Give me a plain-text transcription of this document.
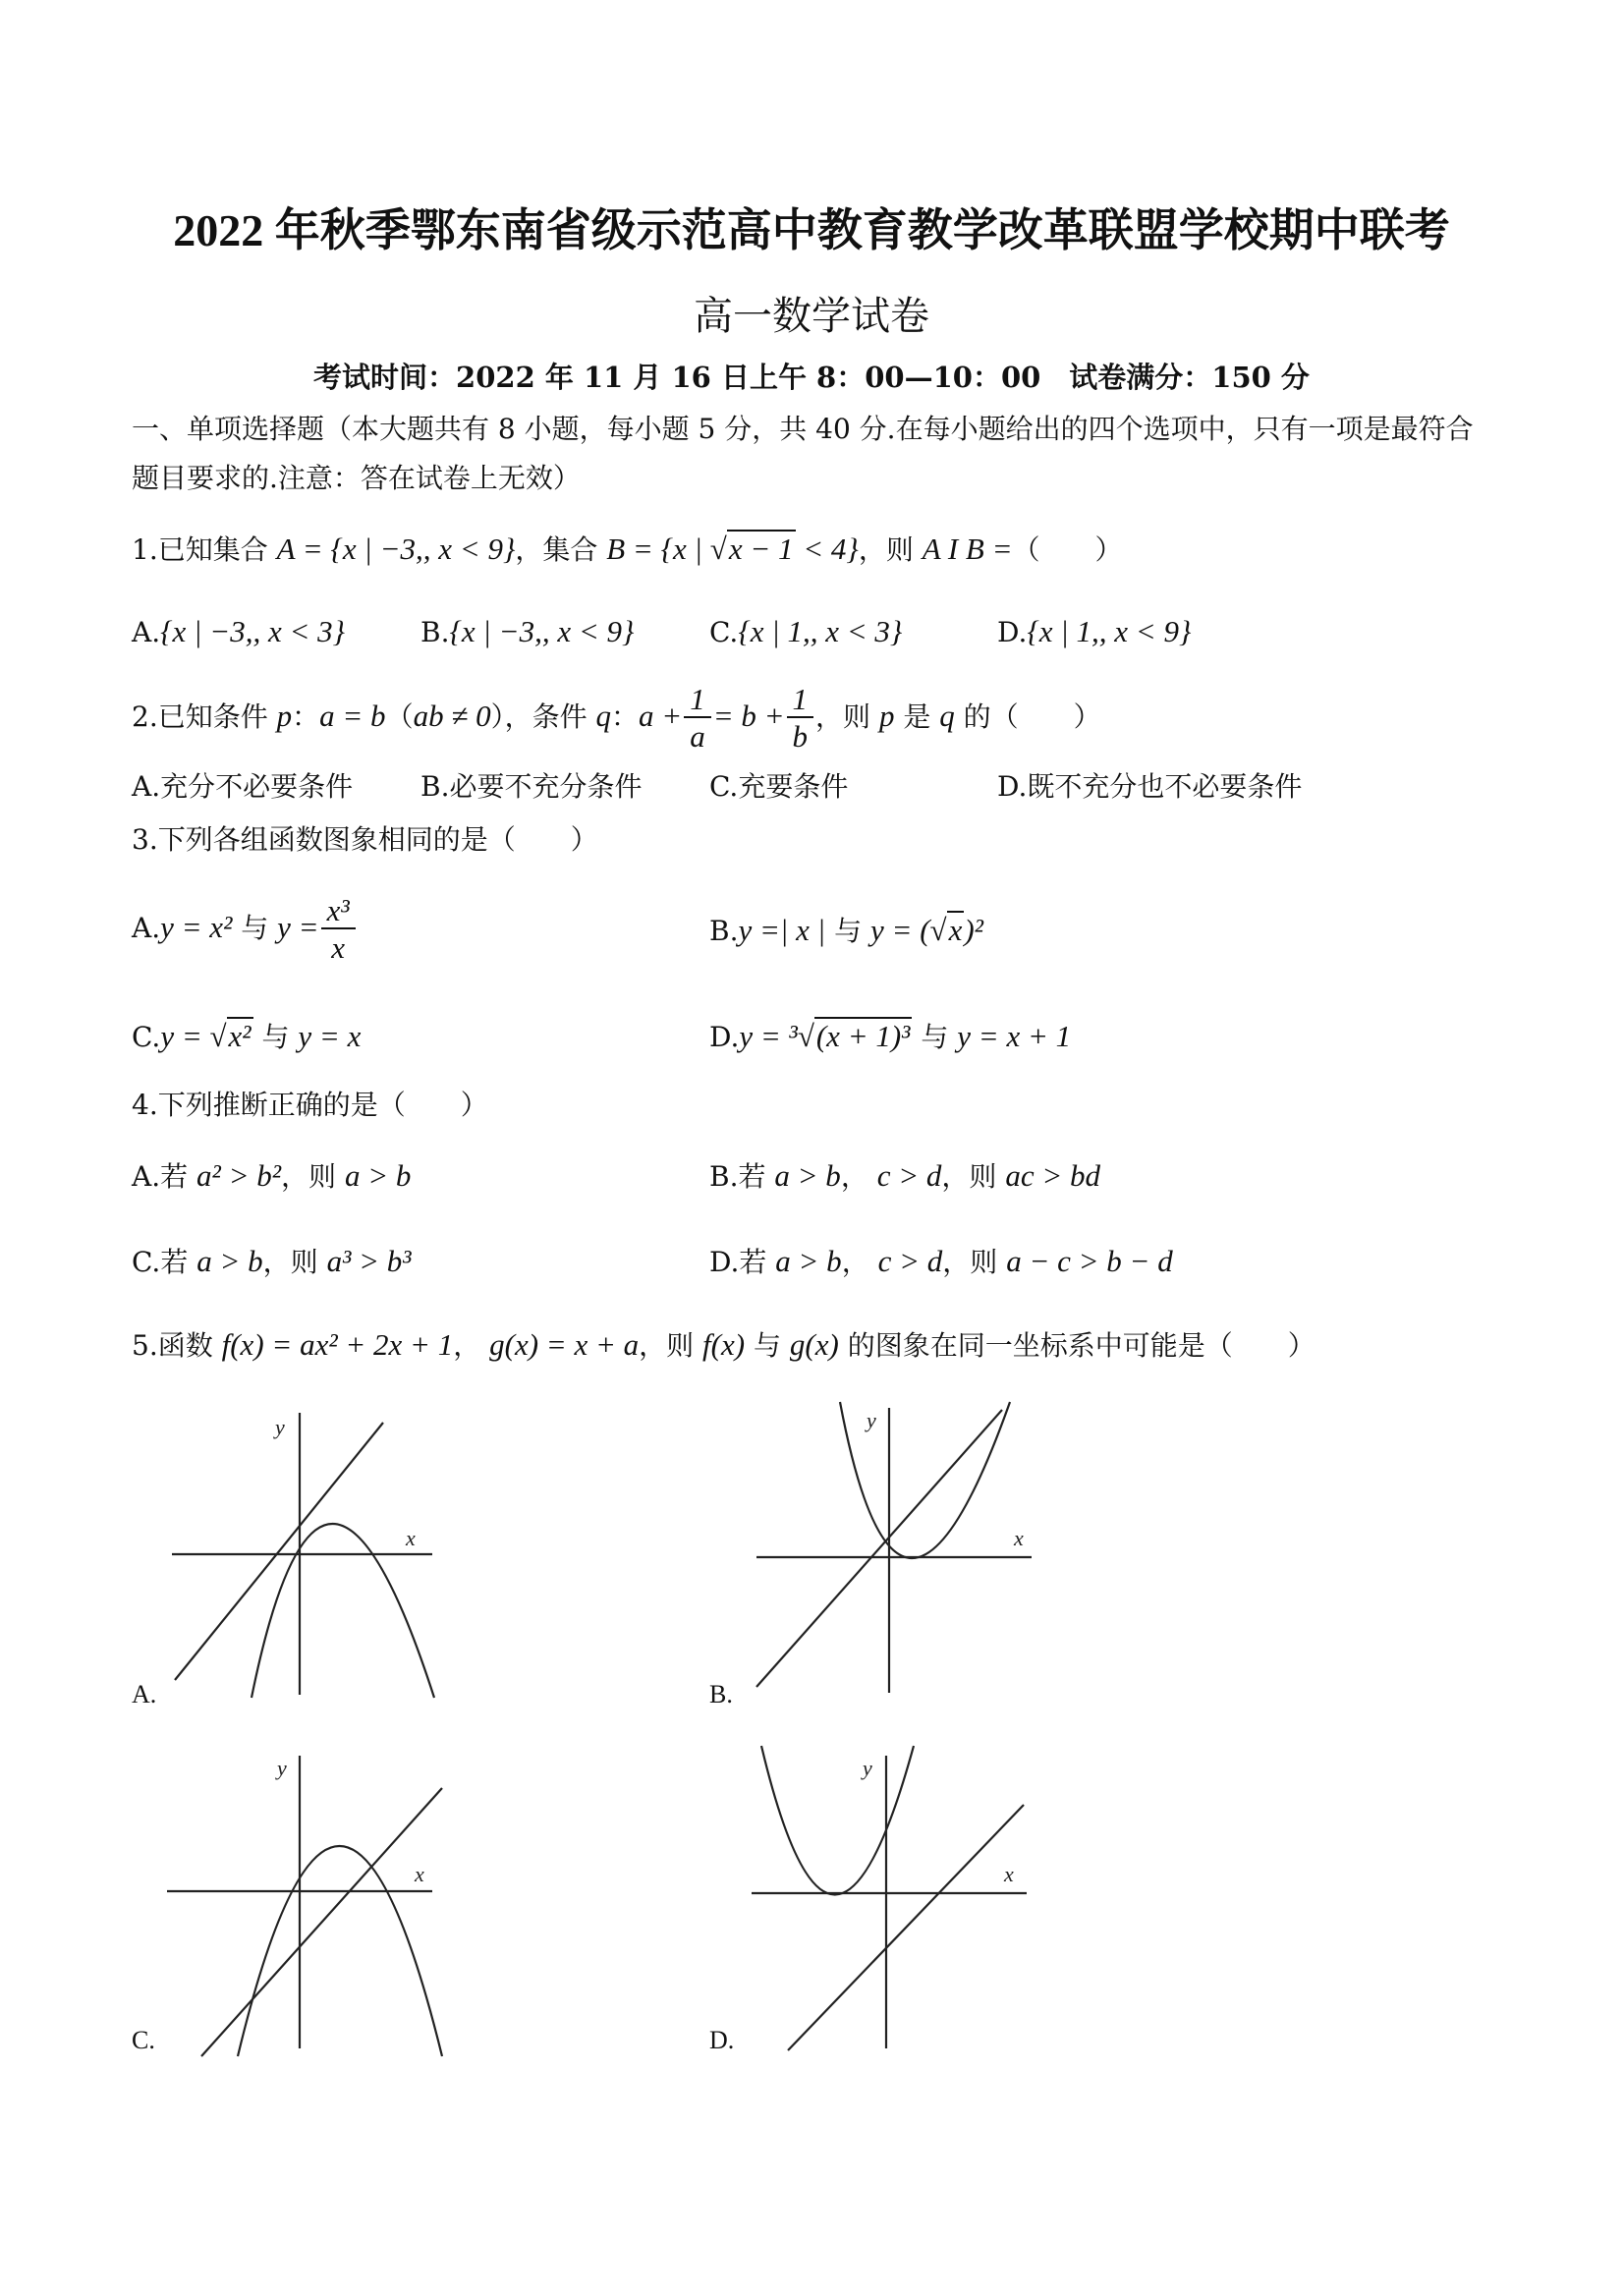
2022 年秋季鄂东南省级示范高中教育教学改革联盟学校期中联考
高一数学试卷
考试时间：2022 年 11 月 16 日上午 8：00—10：00　试卷满分：150 分
一、单项选择题（本大题共有 8 小题，每小题 5 分，共 40 分.在每小题给出的四个选项中，只有一项是最符合
题目要求的.注意：答在试卷上无效）
1.已知集合 A = {x | −3,, x < 9}，集合 B = {x | √x − 1 < 4}，则 A I B =（　　）
A.{x | −3,, x < 3}	B.{x | −3,, x < 9}	C.{x | 1,, x < 3}	D.{x | 1,, x < 9}
2.已知条件 p：a = b（ab ≠ 0），条件 q：$a + \frac{1}{a} = b + \frac{1}{b}$ ，则 p 是 q 的（　　）
A.充分不必要条件 B.必要不充分条件 C.充要条件	D.既不充分也不必要条件
3.下列各组函数图象相同的是（　　）
A.y = x² 与 $y = \frac{\text{x³}}{x}$	B.y =| x | 与 y = (√x)²
C.y = √x² 与 y = x	D.y = ³√(x + 1)³ 与 y = x + 1
4.下列推断正确的是（　　）
A.若 a² > b²，则 a > b	B.若 a > b， c > d，则 ac > bd
C.若 a > b，则 a³ > b³	D.若 a > b， c > d，则 a − c > b − d
5.函数 f(x) = ax² + 2x + 1， g(x) = x + a，则 f(x) 与 g(x) 的图象在同一坐标系中可能是（　　）
y
x
A.
y
x
B.
y
x
C.
y
x
D.
